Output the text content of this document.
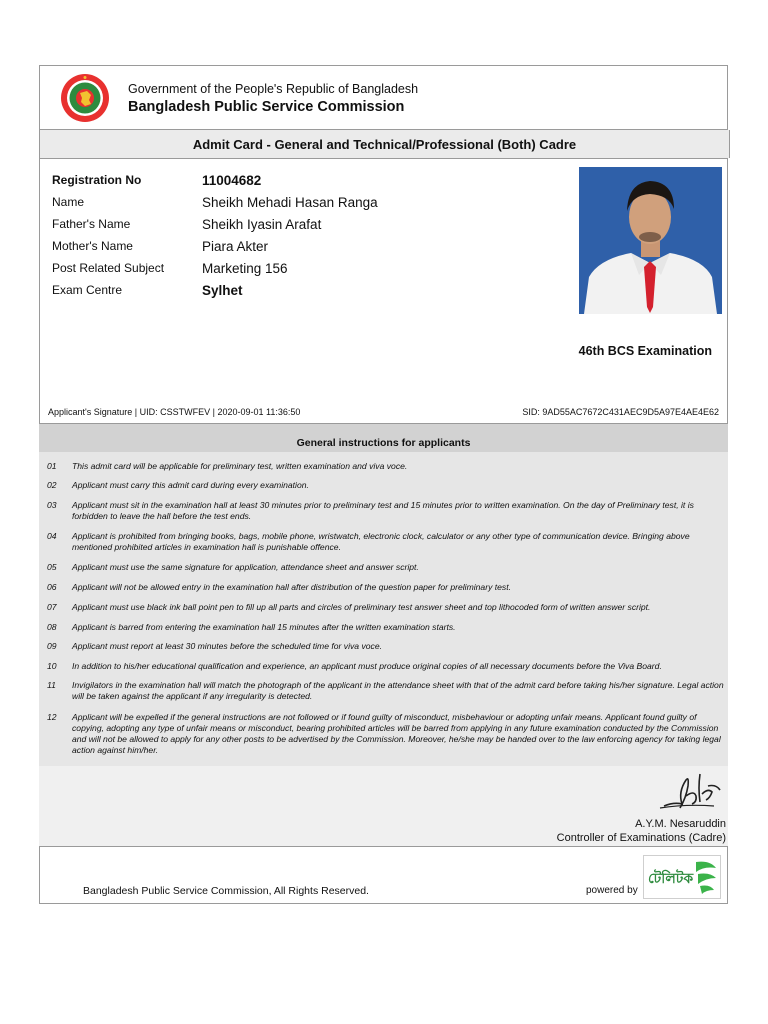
Government of the People's Republic of Bangladesh
Bangladesh Public Service Commission
Admit Card - General and Technical/Professional (Both) Cadre
Registration No	11004682
Name	Sheikh Mehadi Hasan Ranga
Father's Name	Sheikh Iyasin Arafat
Mother's Name	Piara Akter
Post Related Subject	Marketing 156
Exam Centre	Sylhet
46th BCS Examination
Applicant's Signature | UID: CSSTWFEV | 2020-09-01 11:36:50	SID: 9AD55AC7672C431AEC9D5A97E4AE4E62
$_{General instructions for applicants}$
01 This admit card will be applicable for preliminary test, written examination and viva voce.
02 Applicant must carry this admit card during every examination.
03 Applicant must sit in the examination hall at least 30 minutes prior to preliminary test and 15 minutes prior to written examination. On the day of Preliminary test, it is forbidden to leave the hall before the test ends.
04 Applicant is prohibited from bringing books, bags, mobile phone, wristwatch, electronic clock, calculator or any other type of communication device. Bringing above mentioned prohibited articles in examination hall is punishable offence.
05 Applicant must use the same signature for application, attendance sheet and answer script.
06 Applicant will not be allowed entry in the examination hall after distribution of the question paper for preliminary test.
07 Applicant must use black ink ball point pen to fill up all parts and circles of preliminary test answer sheet and top lithocoded form of written answer script.
08 Applicant is barred from entering the examination hall 15 minutes after the written examination starts.
09 Applicant must report at least 30 minutes before the scheduled time for viva voce.
10 In addition to his/her educational qualification and experience, an applicant must produce original copies of all necessary documents before the Viva Board.
11 Invigilators in the examination hall will match the photograph of the applicant in the attendance sheet with that of the admit card before taking his/her signature. Legal action will be taken against the applicant if any irregularity is detected.
12 Applicant will be expelled if the general instructions are not followed or if found guilty of misconduct, misbehaviour or adopting unfair means. Applicant found guilty of copying, adopting any type of unfair means or misconduct, bearing prohibited articles will be barred from applying in any future examination conducted by the Commission and will not be allowed to apply for any other posts to be advertised by the Commission. Moreover, he/she may be handed over to the law enforcing agency for taking legal action against him/her.
A.Y.M. Nesaruddin
Controller of Examinations (Cadre)
Bangladesh Public Service Commission, All Rights Reserved.	powered by
টেলিটক
